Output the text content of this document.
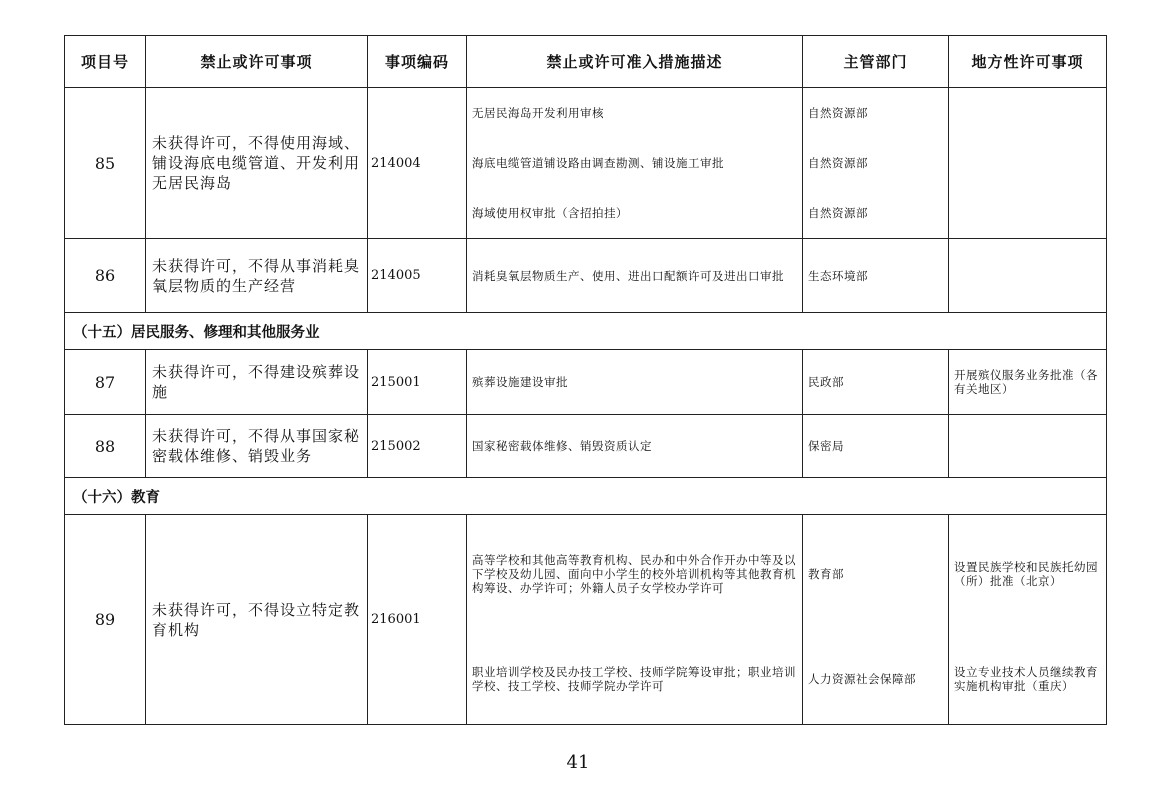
项目号	禁止或许可事项	事项编码	禁止或许可准入措施描述	主管部门	地方性许可事项
85	未获得许可，不得使用海域、铺设海底电缆管道、开发利用无居民海岛	214004	无居民海岛开发利用审核	自然资源部	
			海底电缆管道铺设路由调查勘测、铺设施工审批	自然资源部	
			海域使用权审批（含招拍挂）	自然资源部	
86	未获得许可，不得从事消耗臭氧层物质的生产经营	214005	消耗臭氧层物质生产、使用、进出口配额许可及进出口审批	生态环境部	
（十五）居民服务、修理和其他服务业					
87	未获得许可，不得建设殡葬设施	215001	殡葬设施建设审批	民政部	开展殡仪服务业务批准（各有关地区）
88	未获得许可，不得从事国家秘密载体维修、销毁业务	215002	国家秘密载体维修、销毁资质认定	保密局	
（十六）教育					
89	未获得许可，不得设立特定教育机构	216001	高等学校和其他高等教育机构、民办和中外合作开办中等及以下学校及幼儿园、面向中小学生的校外培训机构等其他教育机构筹设、办学许可；外籍人员子女学校办学许可	教育部	设置民族学校和民族托幼园（所）批准（北京）
			职业培训学校及民办技工学校、技师学院筹设审批；职业培训学校、技工学校、技师学院办学许可	人力资源社会保障部	设立专业技术人员继续教育实施机构审批（重庆）
41
